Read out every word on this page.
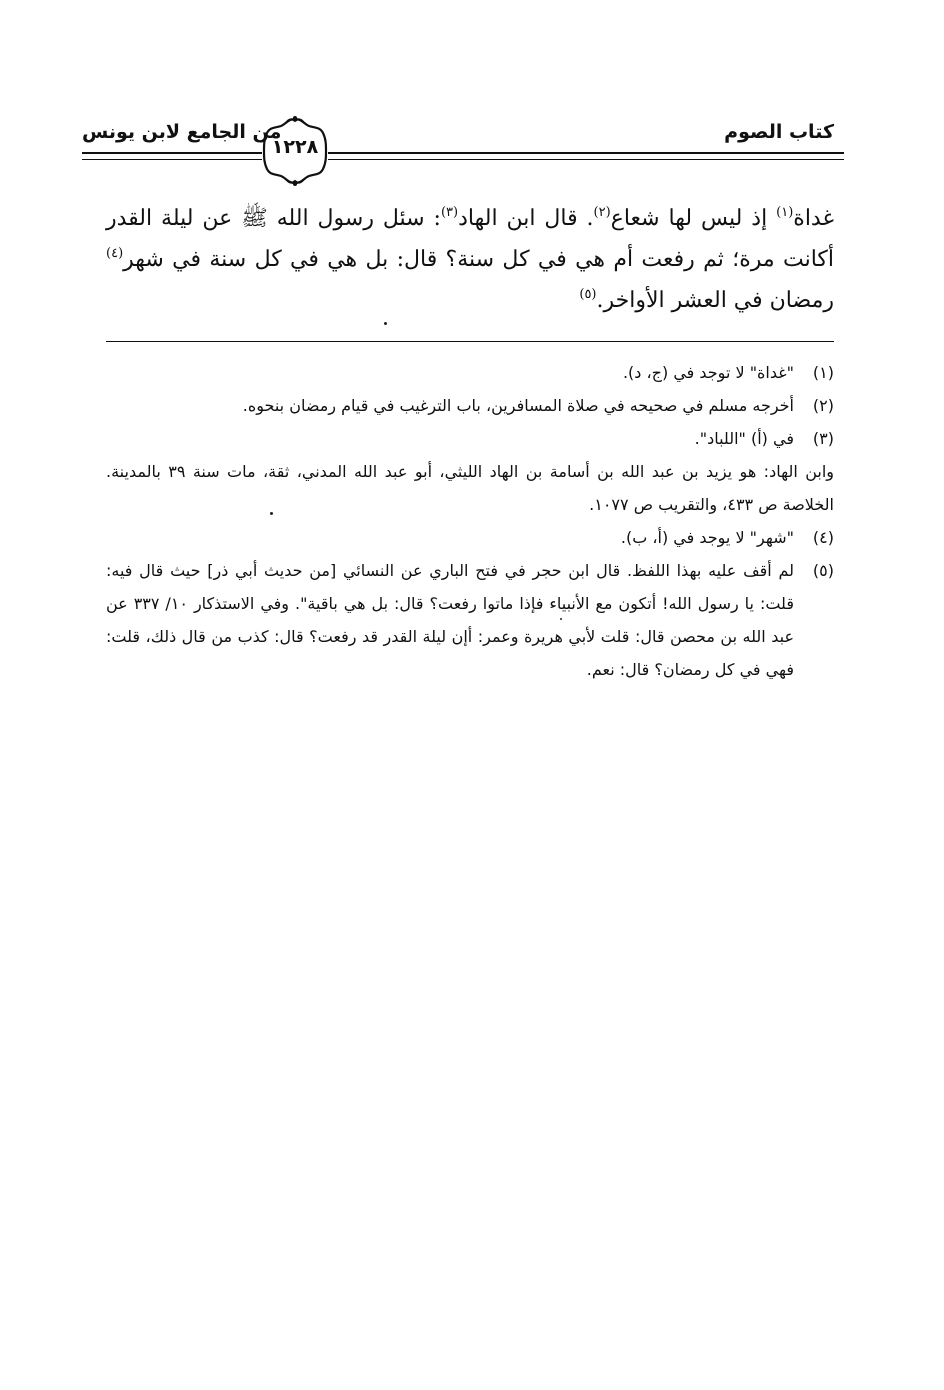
كتاب الصوم
من الجامع لابن يونس
١٢٢٨
غداة$^{(١)}$ إذ ليس لها شعاع$^{(٢)}$. قال ابن الهاد$^{(٣)}$: سئل رسول الله ﷺ عن ليلة القدر
أكانت مرة؛ ثم رفعت أم هي في كل سنة؟ قال: بل هي في كل سنة في شهر$^{(٤)}$
رمضان في العشر الأواخر.$^{(٥)}$
(١)
"غداة" لا توجد في (ج، د).
(٢)
أخرجه مسلم في صحيحه في صلاة المسافرين، باب الترغيب في قيام رمضان بنحوه.
(٣)
في (أ) "اللباد".
وابن الهاد: هو يزيد بن عبد الله بن أسامة بن الهاد الليثي، أبو عبد الله المدني، ثقة، مات سنة ٣٩ بالمدينة. الخلاصة ص ٤٣٣، والتقريب ص ١٠٧٧.
(٤)
"شهر" لا يوجد في (أ، ب).
(٥)
لم أقف عليه بهذا اللفظ. قال ابن حجر في فتح الباري عن النسائي [من حديث أبي ذر] حيث قال فيه: قلت: يا رسول الله! أتكون مع الأنبياء فإذا ماتوا رفعت؟ قال: بل هي باقية". وفي الاستذكار ١٠/ ٣٣٧ عن عبد الله بن محصن قال: قلت لأبي هريرة وعمر: أإن ليلة القدر قد رفعت؟ قال: كذب من قال ذلك، قلت: فهي في كل رمضان؟ قال: نعم.
